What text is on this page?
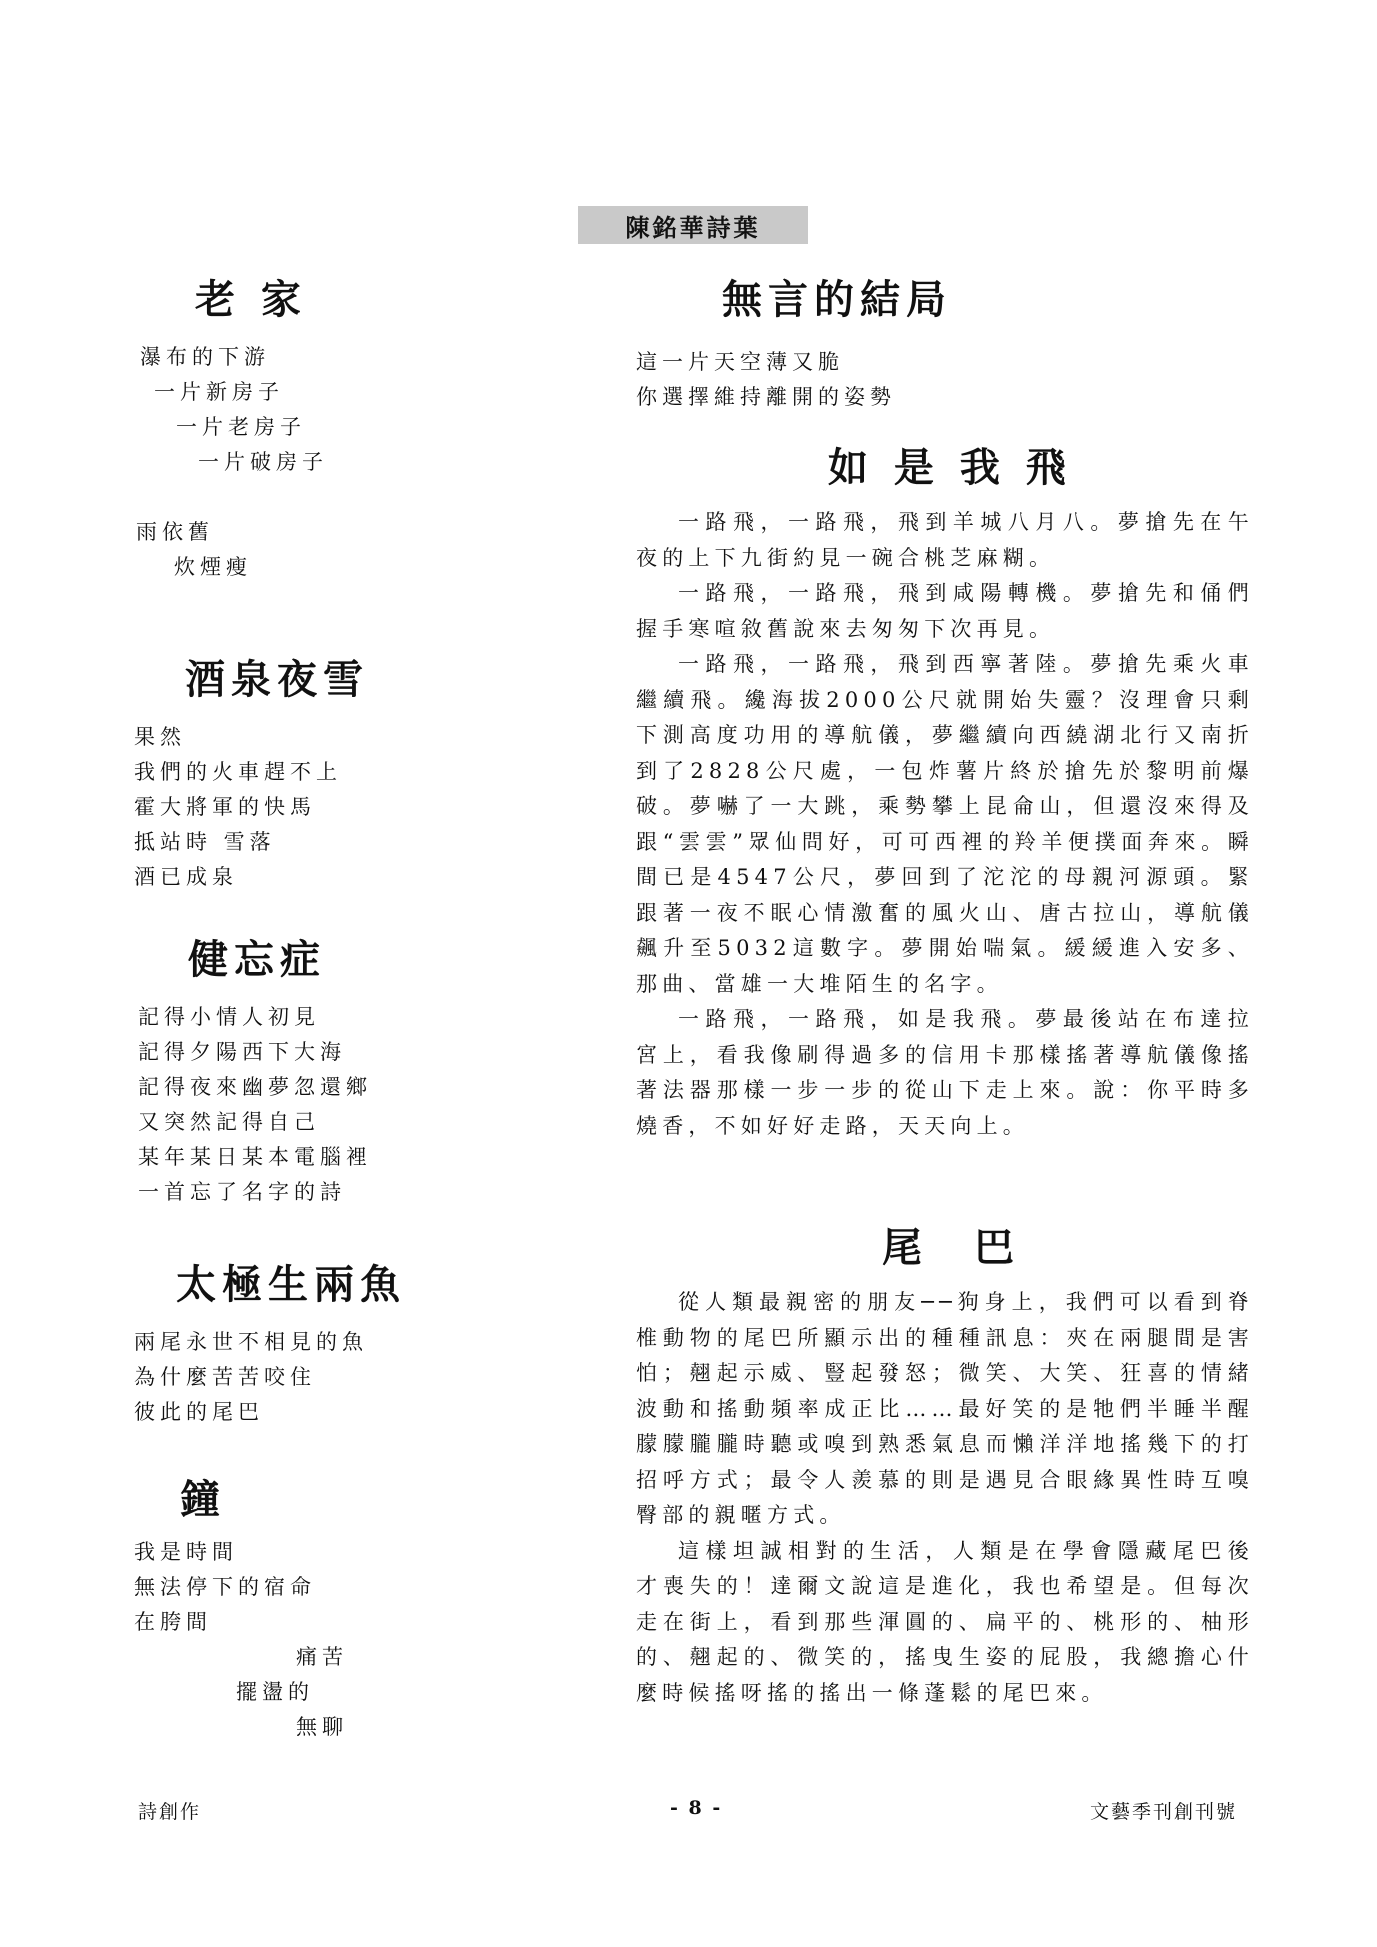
陳銘華詩葉
老 家
瀑布的下游
一片新房子
一片老房子
一片破房子
雨依舊
炊煙瘦
酒泉夜雪
果然
我們的火車趕不上
霍大將軍的快馬
抵站時 雪落
酒已成泉
健忘症
記得小情人初見
記得夕陽西下大海
記得夜來幽夢忽還鄉
又突然記得自己
某年某日某本電腦裡
一首忘了名字的詩
太極生兩魚
兩尾永世不相見的魚
為什麼苦苦咬住
彼此的尾巴
鐘
我是時間
無法停下的宿命
在胯間
痛苦
擺盪的
無聊
無言的結局
這一片天空薄又脆
你選擇維持離開的姿勢
如 是 我 飛

一路飛，一路飛，飛到羊城八月八。夢搶先在午夜的上下九街約見一碗合桃芝麻糊。

一路飛，一路飛，飛到咸陽轉機。夢搶先和俑們握手寒喧敘舊說來去匆匆下次再見。

一路飛，一路飛，飛到西寧著陸。夢搶先乘火車繼續飛。纔海拔2000公尺就開始失靈？沒理會只剩下測高度功用的導航儀，夢繼續向西繞湖北行又南折到了2828公尺處，一包炸薯片終於搶先於黎明前爆破。夢嚇了一大跳，乘勢攀上昆侖山，但還沒來得及跟“雲雲”眾仙問好，可可西裡的羚羊便撲面奔來。瞬間已是4547公尺，夢回到了沱沱的母親河源頭。緊跟著一夜不眠心情激奮的風火山、唐古拉山，導航儀飆升至5032這數字。夢開始喘氣。緩緩進入安多、那曲、當雄一大堆陌生的名字。

一路飛，一路飛，如是我飛。夢最後站在布達拉宮上，看我像刷得過多的信用卡那樣搖著導航儀像搖著法器那樣一步一步的從山下走上來。說：你平時多燒香，不如好好走路，天天向上。

尾　巴

從人類最親密的朋友──狗身上，我們可以看到脊椎動物的尾巴所顯示出的種種訊息：夾在兩腿間是害怕；翹起示威、豎起發怒；微笑、大笑、狂喜的情緒波動和搖動頻率成正比……最好笑的是牠們半睡半醒朦朦朧朧時聽或嗅到熟悉氣息而懶洋洋地搖幾下的打招呼方式；最令人羨慕的則是遇見合眼緣異性時互嗅臀部的親暱方式。

這樣坦誠相對的生活，人類是在學會隱藏尾巴後才喪失的！達爾文說這是進化，我也希望是。但每次走在街上，看到那些渾圓的、扁平的、桃形的、柚形的、翹起的、微笑的，搖曳生姿的屁股，我總擔心什麼時候搖呀搖的搖出一條蓬鬆的尾巴來。

詩創作	- 8 -	文藝季刊創刊號
